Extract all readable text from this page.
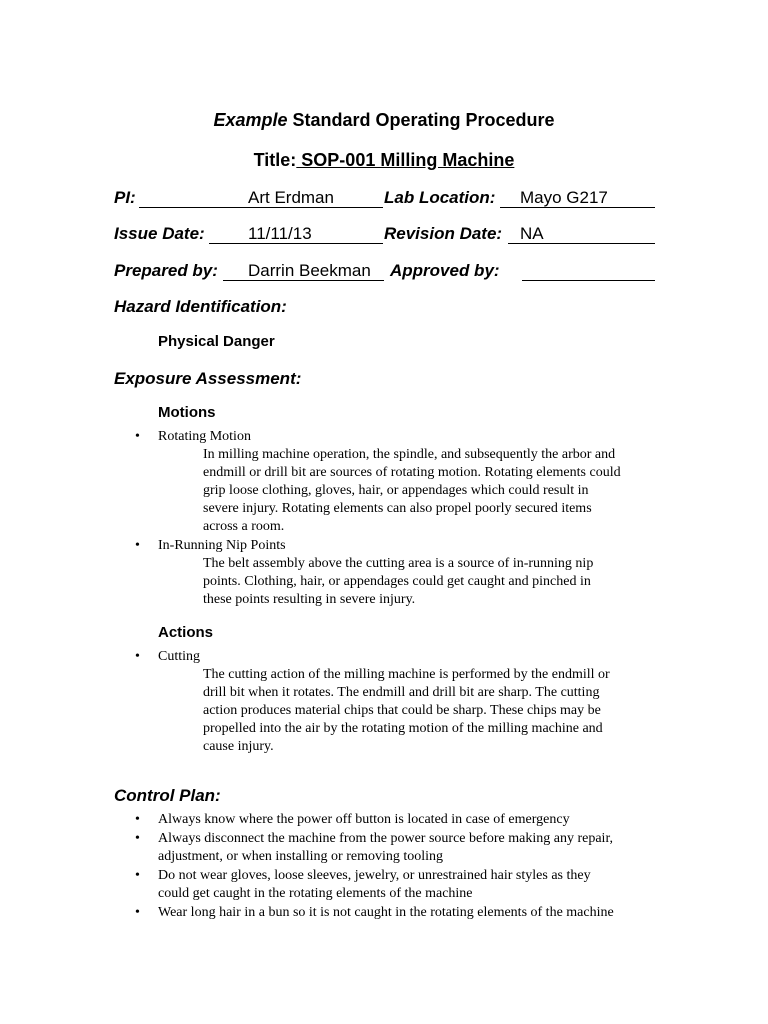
Example Standard Operating Procedure
Title: SOP-001 Milling Machine
PI:	Art Erdman	Lab Location: Mayo G217
Issue Date:	11/11/13	Revision Date: NA
Prepared by: Darrin Beekman Approved by:
Hazard Identification:
Physical Danger
Exposure Assessment:
Motions
• Rotating Motion
In milling machine operation, the spindle, and subsequently the arbor and
endmill or drill bit are sources of rotating motion. Rotating elements could
grip loose clothing, gloves, hair, or appendages which could result in
severe injury. Rotating elements can also propel poorly secured items
across a room.
• In-Running Nip Points
The belt assembly above the cutting area is a source of in-running nip
points. Clothing, hair, or appendages could get caught and pinched in
these points resulting in severe injury.
Actions
• Cutting
The cutting action of the milling machine is performed by the endmill or
drill bit when it rotates. The endmill and drill bit are sharp. The cutting
action produces material chips that could be sharp. These chips may be
propelled into the air by the rotating motion of the milling machine and
cause injury.
Control Plan:
• Always know where the power off button is located in case of emergency
• Always disconnect the machine from the power source before making any repair,
adjustment, or when installing or removing tooling
• Do not wear gloves, loose sleeves, jewelry, or unrestrained hair styles as they
could get caught in the rotating elements of the machine
• Wear long hair in a bun so it is not caught in the rotating elements of the machine
